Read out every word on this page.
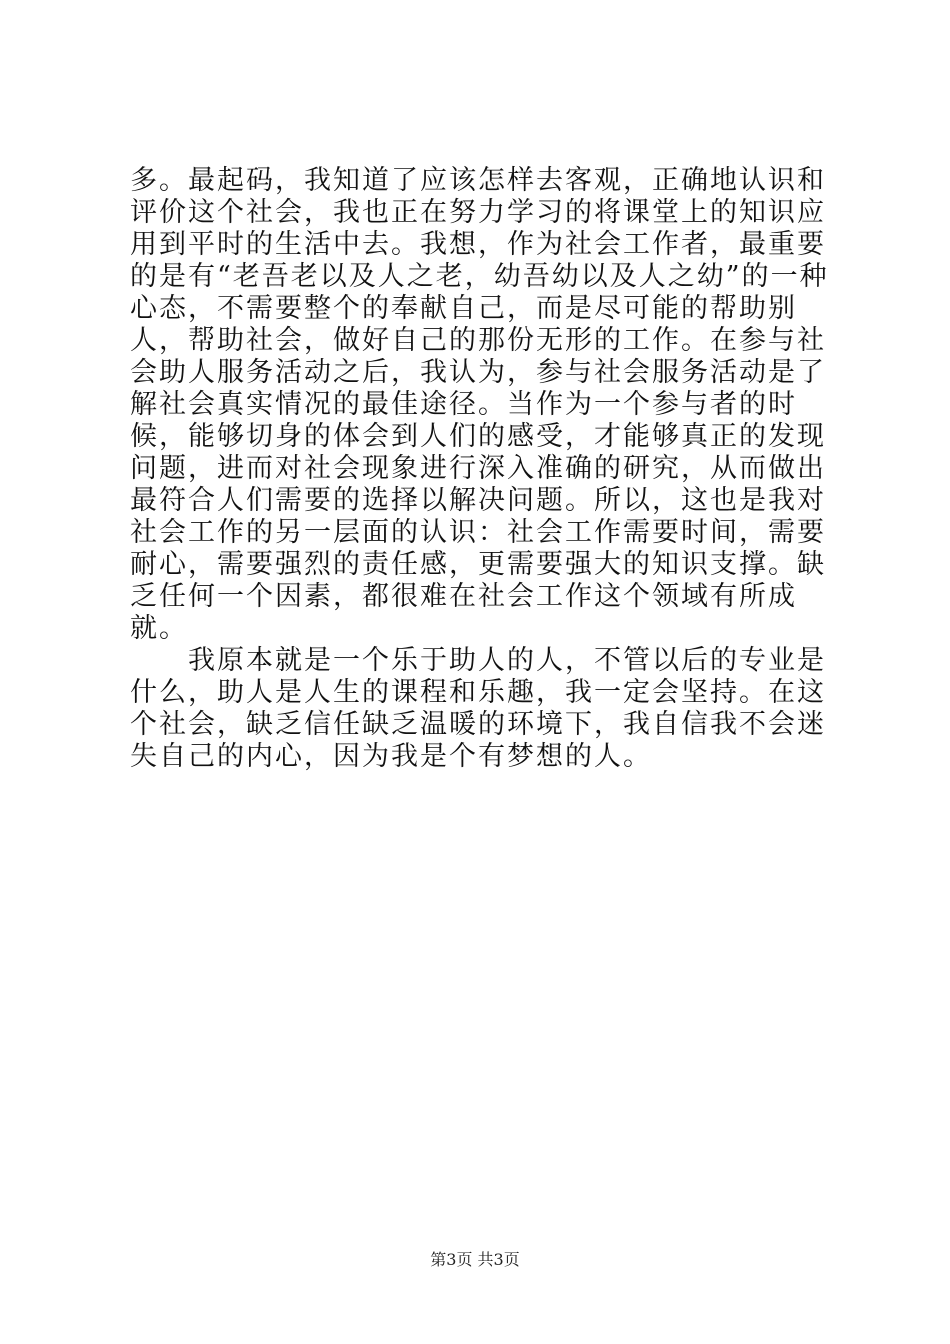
多。最起码，我知道了应该怎样去客观，正确地认识和评价这个社会，我也正在努力学习的将课堂上的知识应用到平时的生活中去。我想，作为社会工作者，最重要的是有“老吾老以及人之老，幼吾幼以及人之幼”的一种心态，不需要整个的奉献自己，而是尽可能的帮助别人，帮助社会，做好自己的那份无形的工作。在参与社会助人服务活动之后，我认为，参与社会服务活动是了解社会真实情况的最佳途径。当作为一个参与者的时候，能够切身的体会到人们的感受，才能够真正的发现问题，进而对社会现象进行深入准确的研究，从而做出最符合人们需要的选择以解决问题。所以，这也是我对社会工作的另一层面的认识：社会工作需要时间，需要耐心，需要强烈的责任感，更需要强大的知识支撑。缺乏任何一个因素，都很难在社会工作这个领域有所成就。

我原本就是一个乐于助人的人，不管以后的专业是什么，助人是人生的课程和乐趣，我一定会坚持。在这个社会，缺乏信任缺乏温暖的环境下，我自信我不会迷失自己的内心，因为我是个有梦想的人。

第3页 共3页
